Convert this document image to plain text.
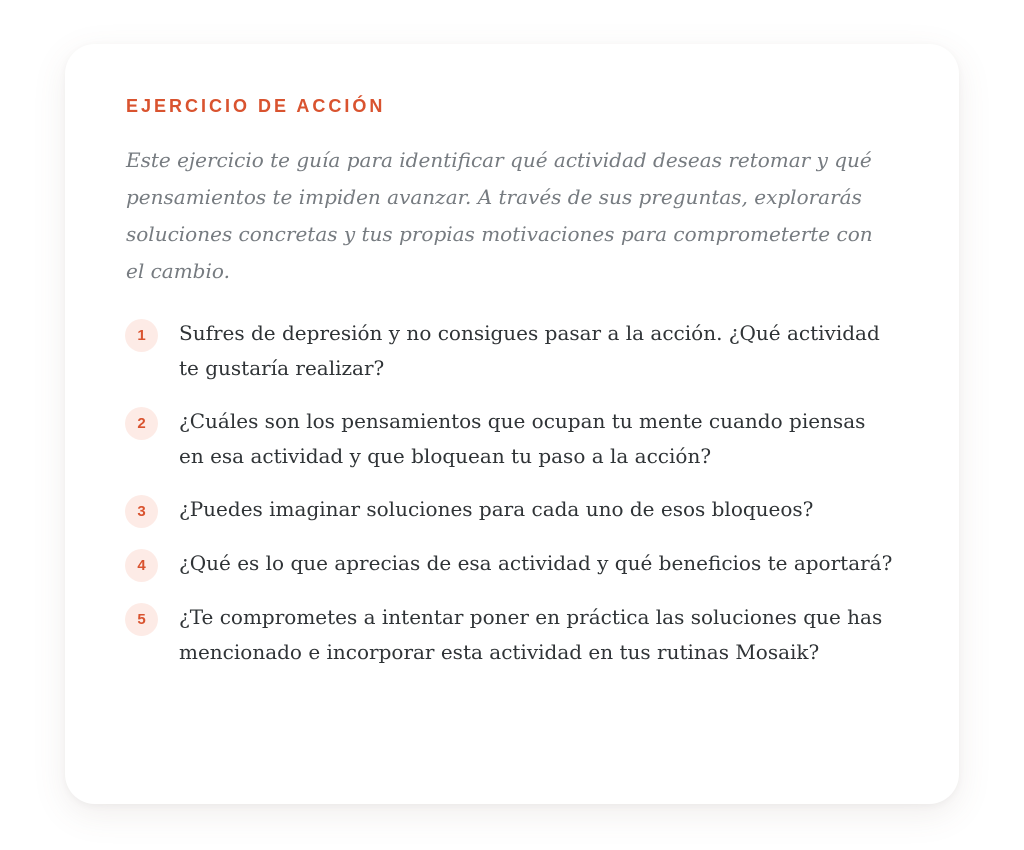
EJERCICIO DE ACCIÓN

Este ejercicio te guía para identificar qué actividad deseas retomar y qué pensamientos te impiden avanzar. A través de sus preguntas, explorarás soluciones concretas y tus propias motivaciones para comprometerte con el cambio.

1	Sufres de depresión y no consigues pasar a la acción. ¿Qué actividad te gustaría realizar?
2	¿Cuáles son los pensamientos que ocupan tu mente cuando piensas en esa actividad y que bloquean tu paso a la acción?
3	¿Puedes imaginar soluciones para cada uno de esos bloqueos?
4	¿Qué es lo que aprecias de esa actividad y qué beneficios te aportará?
5	¿Te comprometes a intentar poner en práctica las soluciones que has mencionado e incorporar esta actividad en tus rutinas Mosaik?
